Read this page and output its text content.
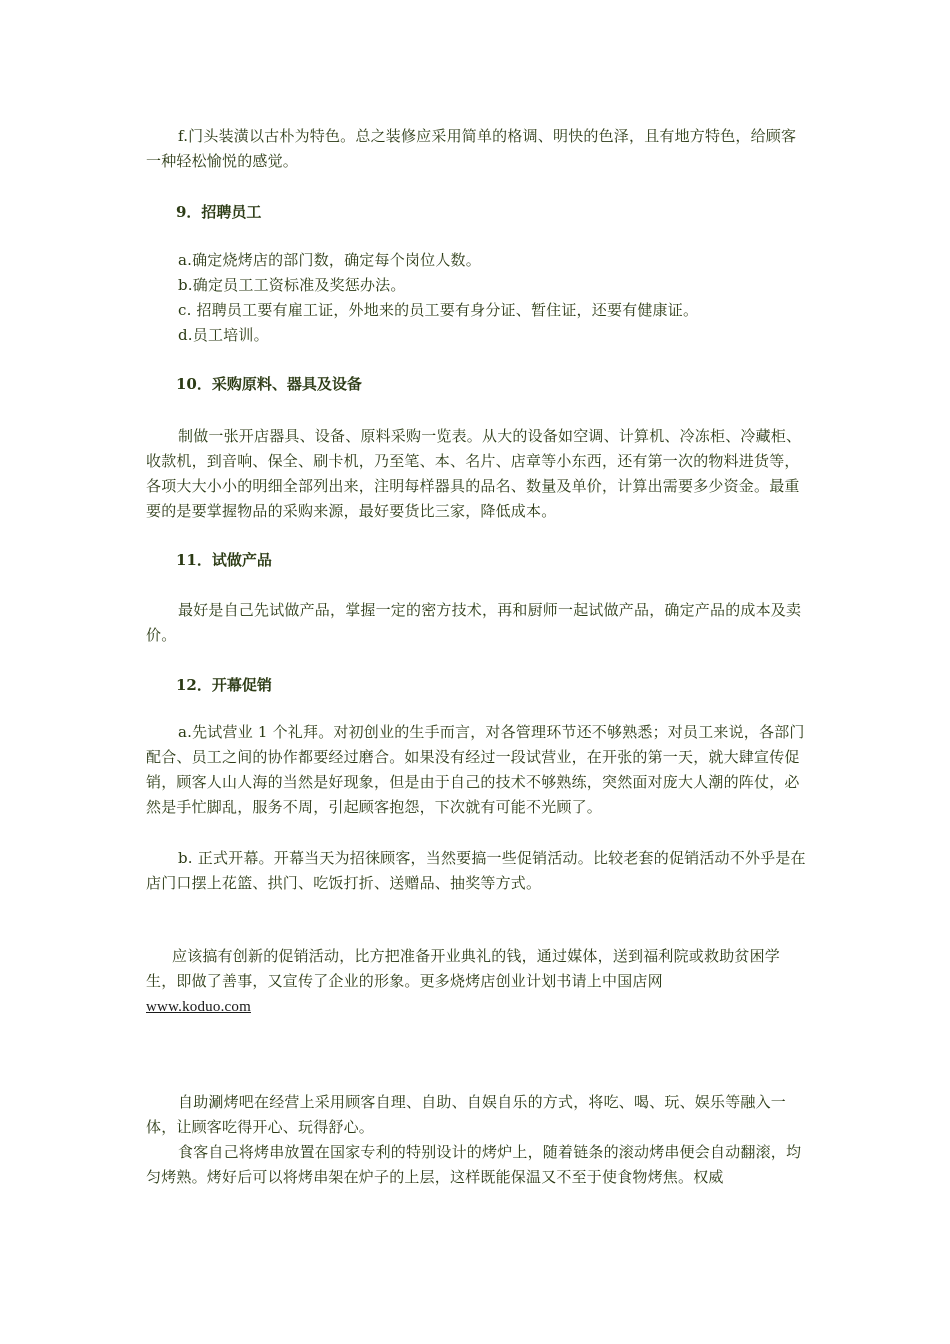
f.门头装潢以古朴为特色。总之装修应采用简单的格调、明快的色泽，且有地方特色，给顾客一种轻松愉悦的感觉。

9．招聘员工

a.确定烧烤店的部门数，确定每个岗位人数。

b.确定员工工资标准及奖惩办法。

c. 招聘员工要有雇工证，外地来的员工要有身分证、暂住证，还要有健康证。

d.员工培训。

10．采购原料、器具及设备

制做一张开店器具、设备、原料采购一览表。从大的设备如空调、计算机、冷冻柜、冷藏柜、收款机，到音响、保全、刷卡机，乃至笔、本、名片、店章等小东西，还有第一次的物料进货等，各项大大小小的明细全部列出来，注明每样器具的品名、数量及单价，计算出需要多少资金。最重要的是要掌握物品的采购来源，最好要货比三家，降低成本。

11．试做产品

最好是自己先试做产品，掌握一定的密方技术，再和厨师一起试做产品，确定产品的成本及卖价。

12．开幕促销

a.先试营业 1 个礼拜。对初创业的生手而言，对各管理环节还不够熟悉；对员工来说，各部门配合、员工之间的协作都要经过磨合。如果没有经过一段试营业，在开张的第一天，就大肆宣传促销，顾客人山人海的当然是好现象，但是由于自己的技术不够熟练，突然面对庞大人潮的阵仗，必然是手忙脚乱，服务不周，引起顾客抱怨，下次就有可能不光顾了。

b. 正式开幕。开幕当天为招徕顾客，当然要搞一些促销活动。比较老套的促销活动不外乎是在店门口摆上花篮、拱门、吃饭打折、送赠品、抽奖等方式。

应该搞有创新的促销活动，比方把准备开业典礼的钱，通过媒体，送到福利院或救助贫困学生，即做了善事，又宣传了企业的形象。更多烧烤店创业计划书请上中国店网
www.koduo.com

自助涮烤吧在经营上采用顾客自理、自助、自娱自乐的方式，将吃、喝、玩、娱乐等融入一体，让顾客吃得开心、玩得舒心。

食客自己将烤串放置在国家专利的特别设计的烤炉上，随着链条的滚动烤串便会自动翻滚，均匀烤熟。烤好后可以将烤串架在炉子的上层，这样既能保温又不至于使食物烤焦。权威
